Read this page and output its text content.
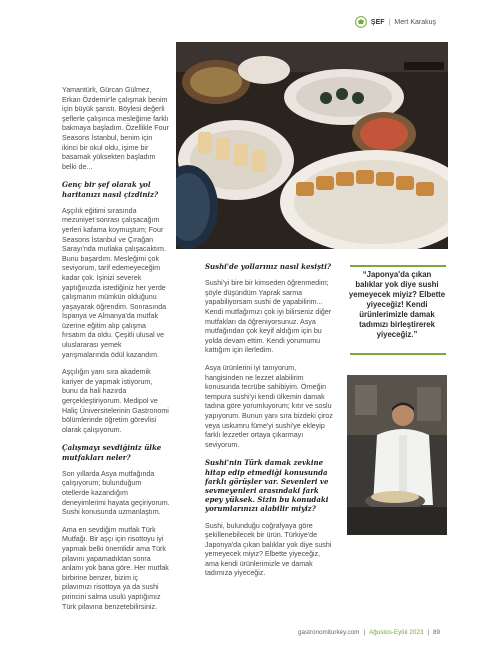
ŞEF | Mert Karakuş

Yamantürk, Gürcan Gülmez, Erkan Özdemir'le çalışmak benim için büyük şanstı. Böylesi değerli şeflerle çalışınca mesleğime farklı bakmaya başladım. Özellikle Four Seasons İstanbul, benim için ikinci bir okul oldu, işime bir basamak yüksekten başladım belki de...

Genç bir şef olarak yol haritanızı nasıl çizdiniz?

Aşçılık eğitimi sırasında mezuniyet sonrası çalışacağım yerleri kafama koymuştum; Four Seasons İstanbul ve Çırağan Sarayı'nda mutlaka çalışacaktım. Bunu başardım. Mesleğimi çok seviyorum, tarif edemeyeceğim kadar çok. İşinizi severek yaptığınızda istediğiniz her yerde çalışmanın mümkün olduğunu yaşayarak öğrendim. Sonrasında İspanya ve Almanya'da mutfak üzerine eğitim alıp çalışma fırsatım da oldu. Çeşitli ulusal ve uluslararası yemek yarışmalarında ödül kazandım.

Aşçılığın yanı sıra akademik kariyer de yapmak istiyorum, bunu da hali hazırda gerçekleştiriyorum. Medipol ve Haliç Üniversitelerinin Gastronomi bölümlerinde öğretim görevlisi olarak çalışıyorum.

Çalışmayı sevdiğiniz ülke mutfakları neler?

Son yıllarda Asya mutfağında çalışıyorum; bulunduğum otellerde kazandığım deneyimlerimi hayata geçiriyorum. Sushi konusunda uzmanlaştım.

Ama en sevdiğim mutfak Türk Mutfağı. Bir aşçı için risottoyu iyi yapmak belki önemlidir ama Türk pilavını yapamadıktan sonra anlamı yok bana göre. Her mutfak birbirine benzer, bizim iç pilavımızı risottoya ya da sushi pirincini salma usulü yaptığımız Türk pilavına benzetebilirsiniz.

Sushi'de yollarınız nasıl kesişti?

Sushi'yi bire bir kimseden öğrenmedim; şöyle düşündüm Yaprak sarma yapabiliyorsam sushi de yapabilirim... Kendi mutfağımızı çok iyi bilirseniz diğer mutfakları da öğreniyorsunuz. Asya mutfağından çok keyif aldığım için bu yolda devam ettim. Kendi yorumumu kattığım için ilerledim.

Asya ürünlerini iyi tanıyorum, hangisinden ne lezzet alabilirim konusunda tecrübe sahibiyim. Örneğin tempura sushi'yi kendi ülkemin damak tadına göre yorumluyorum; kıtır ve soslu yapıyorum. Bunun yanı sıra bizdeki çiroz veya uskumru füme'yi sushi'ye ekleyip farklı lezzetler ortaya çıkarmayı seviyorum.

Sushi'nin Türk damak zevkine hitap edip etmediği konusunda farklı görüşler var. Sevenleri ve sevmeyenleri arasındaki fark epey yüksek. Sizin bu konudaki yorumlarınızı alabilir miyiz?

Sushi, bulunduğu coğrafyaya göre şekillenebilecek bir ürün. Türkiye'de Japonya'da çıkan balıklar yok diye sushi yemeyecek miyiz? Elbette yiyeceğiz, ama kendi ürünlerimizle ve damak tadımıza yiyeceğiz.

“Japonya'da çıkan balıklar yok diye sushi yemeyecek miyiz? Elbette yiyeceğiz! Kendi ürünlerimizle damak tadımızı birleştirerek yiyeceğiz.”
gastronomiturkey.com | Ağustos-Eylül 2023 | 89
